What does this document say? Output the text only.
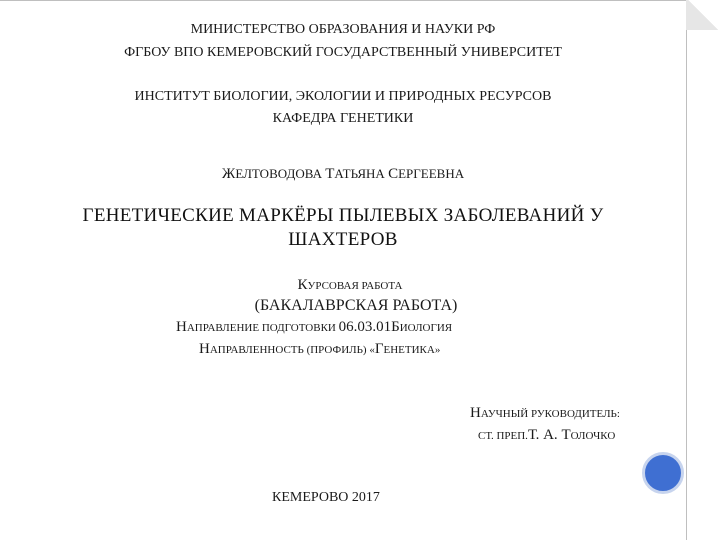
МИНИСТЕРСТВО ОБРАЗОВАНИЯ И НАУКИ РФ
ФГБОУ ВПО КЕМЕРОВСКИЙ ГОСУДАРСТВЕННЫЙ УНИВЕРСИТЕТ
ИНСТИТУТ БИОЛОГИИ, ЭКОЛОГИИ И ПРИРОДНЫХ РЕСУРСОВ
КАФЕДРА ГЕНЕТИКИ
ЖЕЛТОВОДОВА ТАТЬЯНА СЕРГЕЕВНА
ГЕНЕТИЧЕСКИЕ МАРКЁРЫ ПЫЛЕВЫХ ЗАБОЛЕВАНИЙ У
ШАХТЕРОВ
КУРСОВАЯ РАБОТА
(БАКАЛАВРСКАЯ РАБОТА)
НАПРАВЛЕНИЕ ПОДГОТОВКИ 06.03.01БИОЛОГИЯ
НАПРАВЛЕННОСТЬ (ПРОФИЛЬ) «ГЕНЕТИКА»
НАУЧНЫЙ РУКОВОДИТЕЛЬ:
СТ. ПРЕП.Т. А. ТОЛОЧКО
КЕМЕРОВО 2017
